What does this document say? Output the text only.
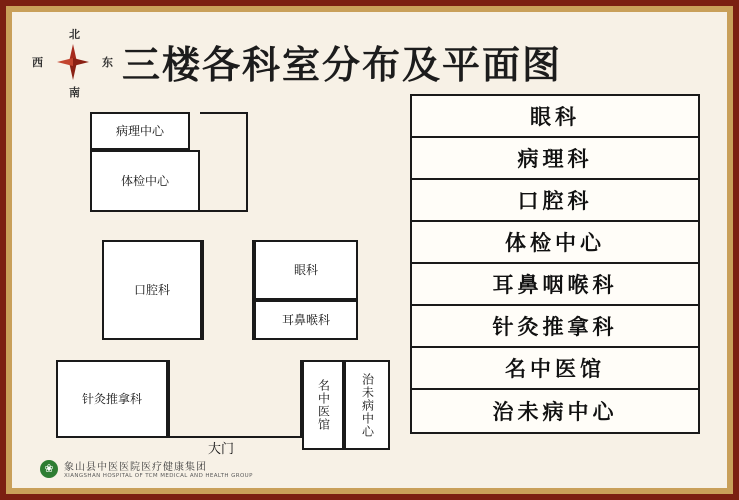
北
南
西	东 三楼各科室分布及平面图
病理中心
体检中心
口腔科
眼科
耳鼻喉科
针灸推拿科	名中医馆	治未病中心
大门
眼科
病理科
口腔科
体检中心
耳鼻咽喉科
针灸推拿科
名中医馆
治未病中心
❀	象山县中医医院医疗健康集团
XIANGSHAN HOSPITAL OF TCM MEDICAL AND HEALTH GROUP
